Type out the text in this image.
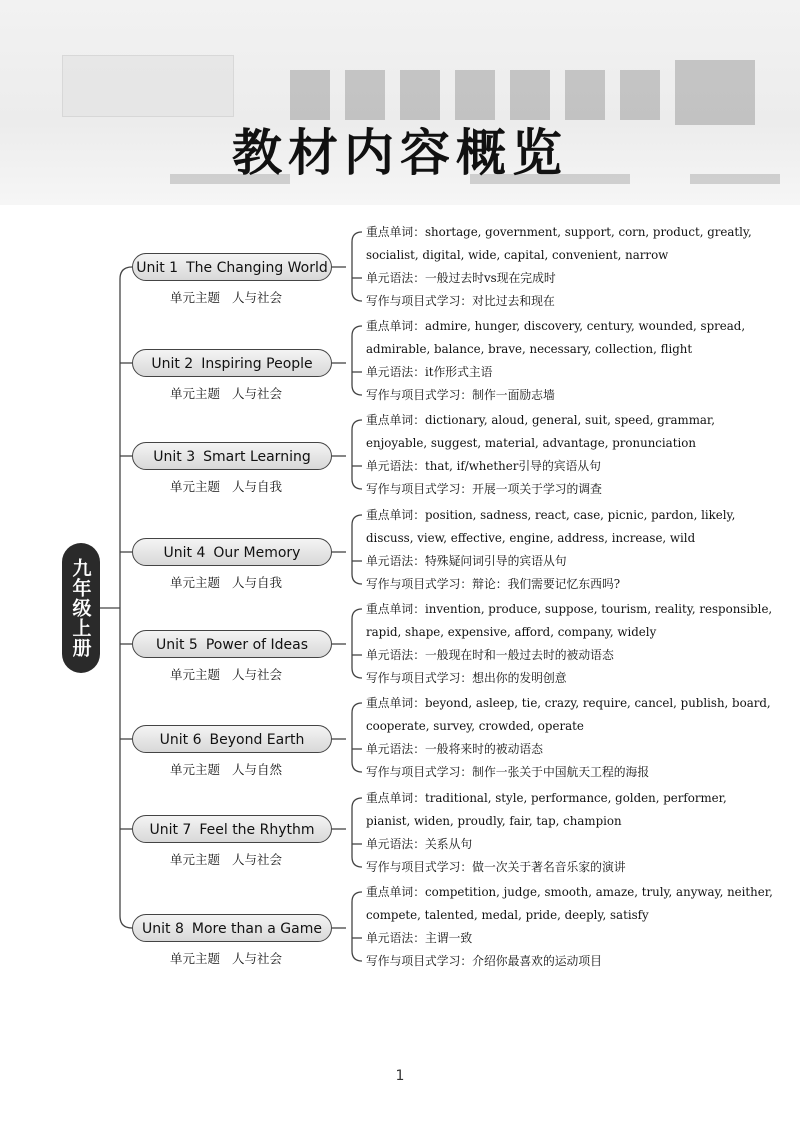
教材内容概览
九年级上册
Unit 1 The Changing World
单元主题 人与社会
重点单词：shortage, government, support, corn, product, greatly,
socialist, digital, wide, capital, convenient, narrow
单元语法：一般过去时vs现在完成时
写作与项目式学习：对比过去和现在
Unit 2 Inspiring People
单元主题 人与社会
重点单词：admire, hunger, discovery, century, wounded, spread,
admirable, balance, brave, necessary, collection, flight
单元语法：it作形式主语
写作与项目式学习：制作一面励志墙
Unit 3 Smart Learning
单元主题 人与自我
重点单词：dictionary, aloud, general, suit, speed, grammar,
enjoyable, suggest, material, advantage, pronunciation
单元语法：that, if/whether引导的宾语从句
写作与项目式学习：开展一项关于学习的调查
Unit 4 Our Memory
单元主题 人与自我
重点单词：position, sadness, react, case, picnic, pardon, likely,
discuss, view, effective, engine, address, increase, wild
单元语法：特殊疑问词引导的宾语从句
写作与项目式学习：辩论：我们需要记忆东西吗?
Unit 5 Power of Ideas
单元主题 人与社会
重点单词：invention, produce, suppose, tourism, reality, responsible,
rapid, shape, expensive, afford, company, widely
单元语法：一般现在时和一般过去时的被动语态
写作与项目式学习：想出你的发明创意
Unit 6 Beyond Earth
单元主题 人与自然
重点单词：beyond, asleep, tie, crazy, require, cancel, publish, board,
cooperate, survey, crowded, operate
单元语法：一般将来时的被动语态
写作与项目式学习：制作一张关于中国航天工程的海报
Unit 7 Feel the Rhythm
单元主题 人与社会
重点单词：traditional, style, performance, golden, performer,
pianist, widen, proudly, fair, tap, champion
单元语法：关系从句
写作与项目式学习：做一次关于著名音乐家的演讲
Unit 8 More than a Game
单元主题 人与社会
重点单词：competition, judge, smooth, amaze, truly, anyway, neither,
compete, talented, medal, pride, deeply, satisfy
单元语法：主谓一致
写作与项目式学习：介绍你最喜欢的运动项目
1
